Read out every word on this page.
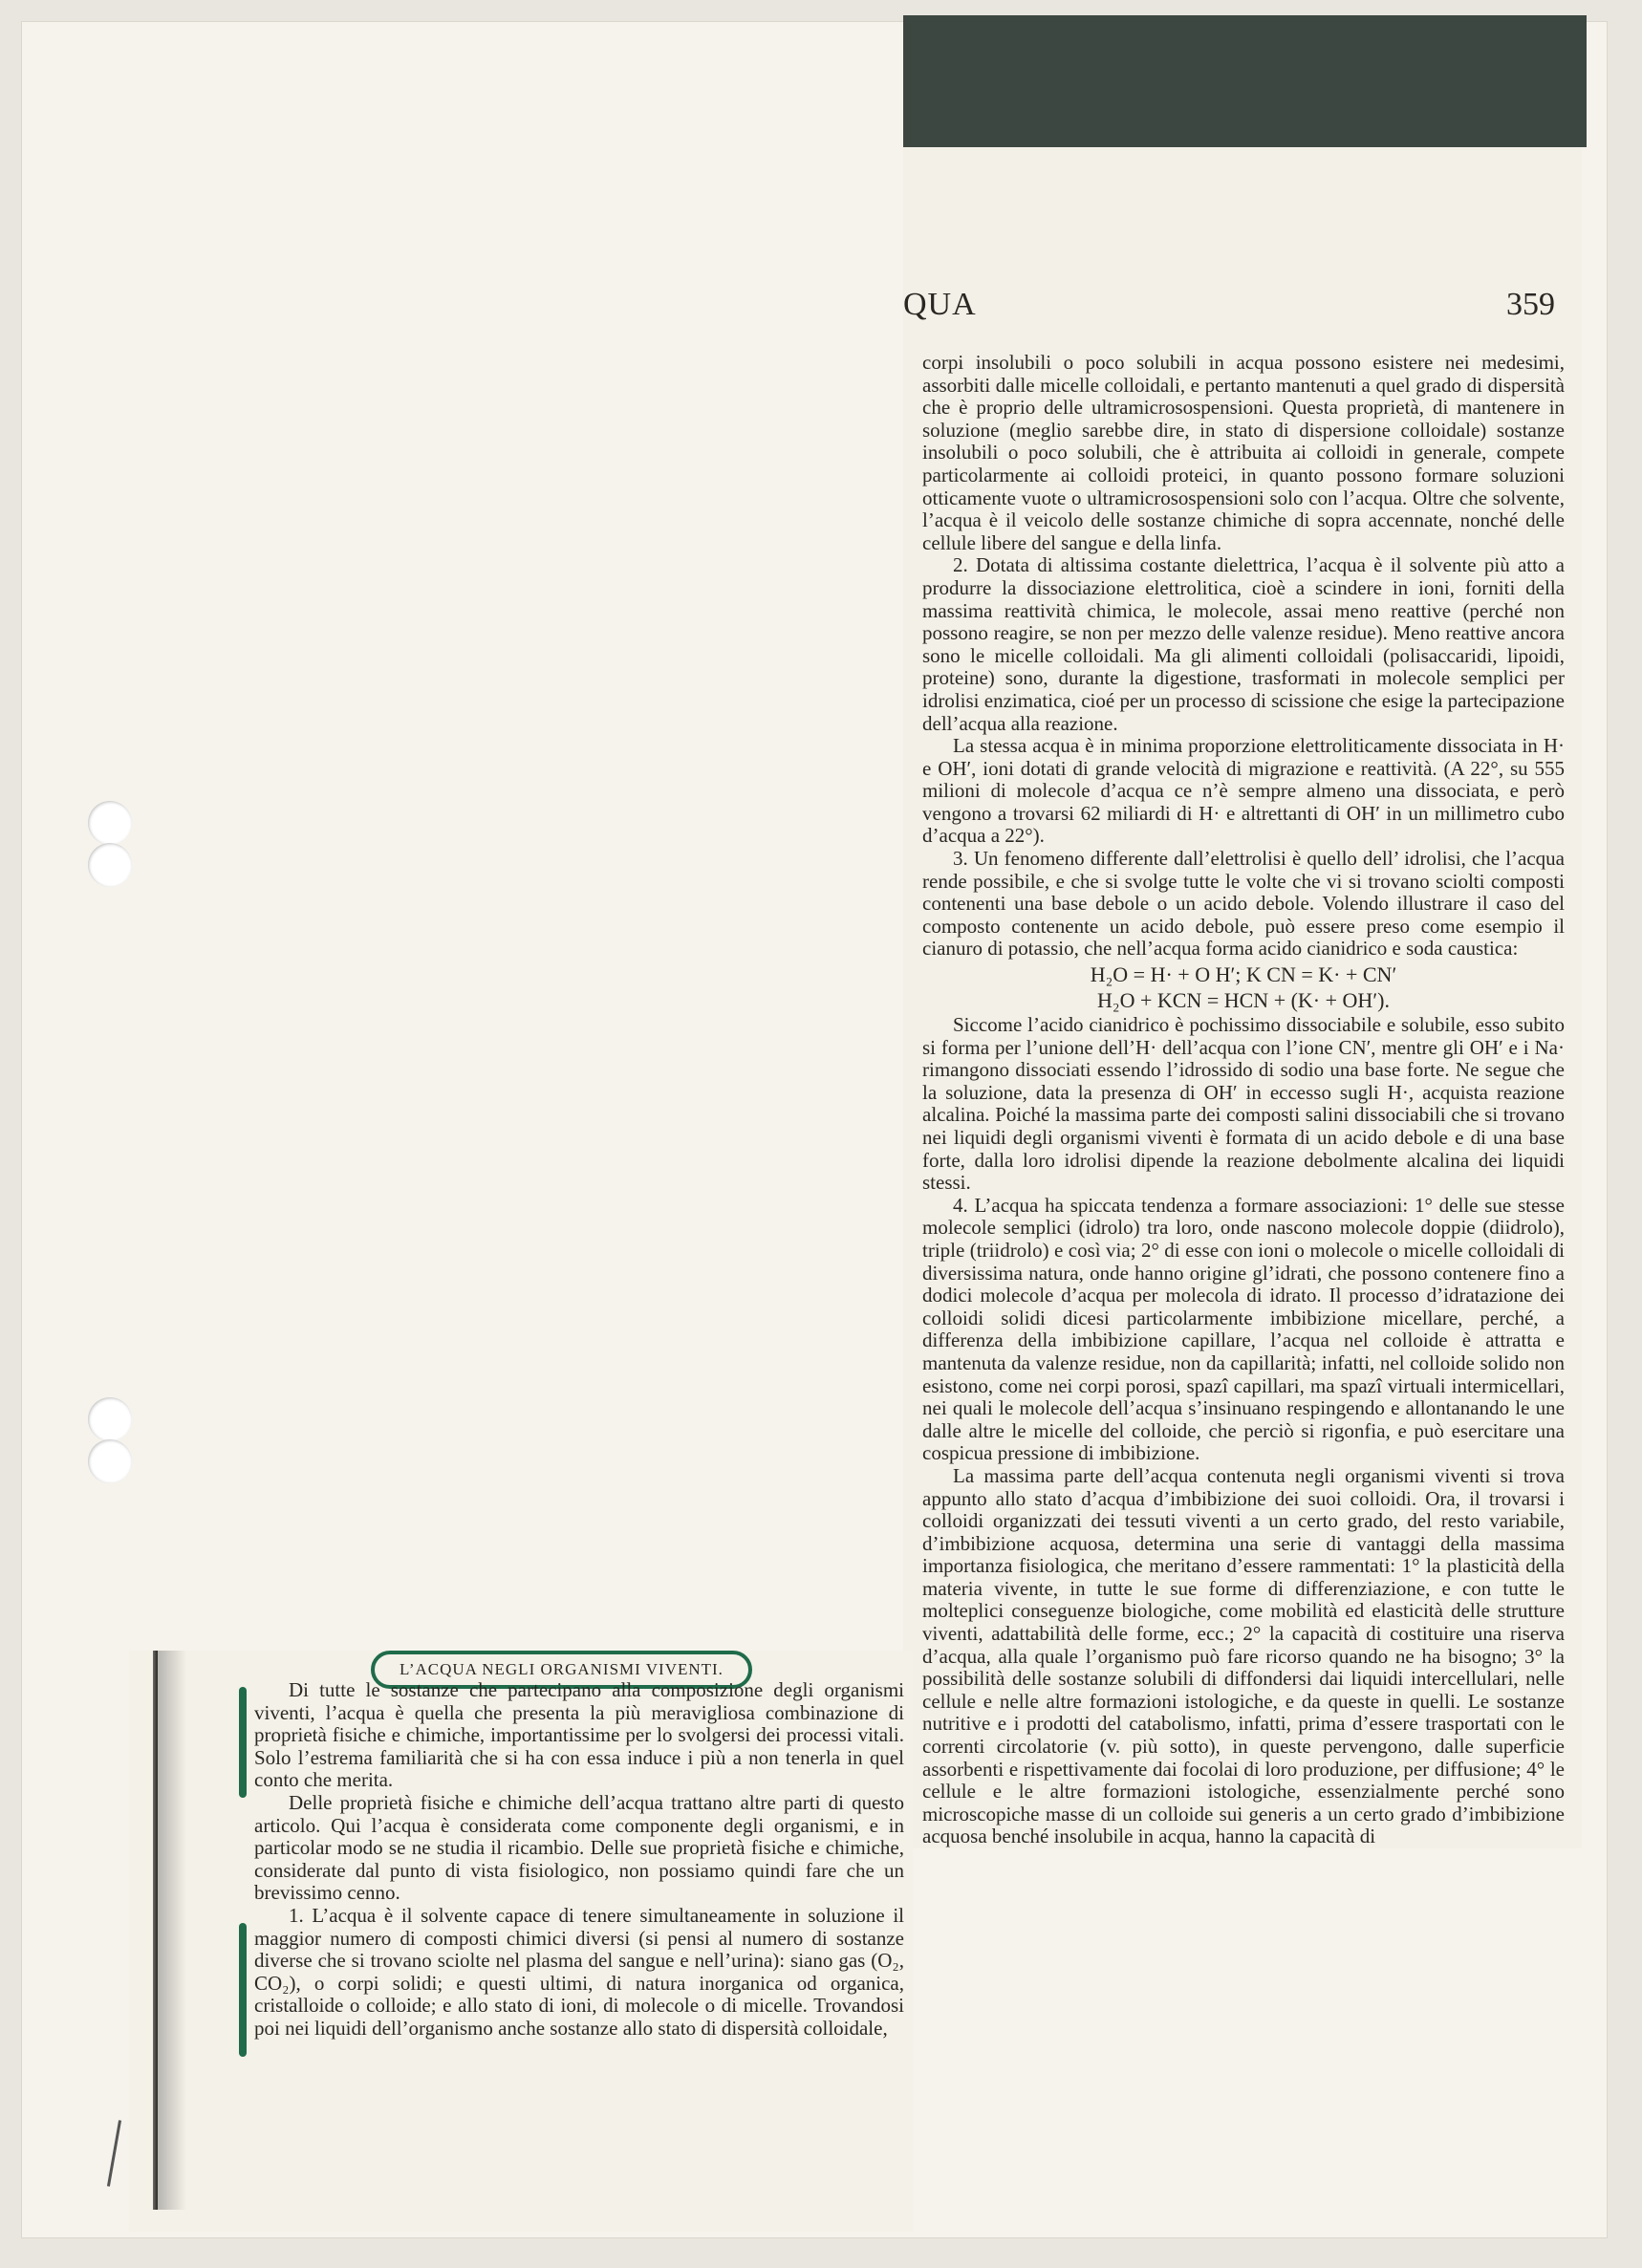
QUA	359

corpi insolubili o poco solubili in acqua possono esistere nei medesimi, assorbiti dalle micelle colloidali, e pertanto mantenuti a quel grado di dispersità che è proprio delle ultramicrosospensioni. Questa proprietà, di mantenere in soluzione (meglio sarebbe dire, in stato di dispersione colloidale) sostanze insolubili o poco solubili, che è attribuita ai colloidi in generale, compete particolarmente ai colloidi proteici, in quanto possono formare soluzioni otticamente vuote o ultramicrosospensioni solo con l’acqua. Oltre che solvente, l’acqua è il veicolo delle sostanze chimiche di sopra accennate, nonché delle cellule libere del sangue e della linfa.

2. Dotata di altissima costante dielettrica, l’acqua è il solvente più atto a produrre la dissociazione elettrolitica, cioè a scindere in ioni, forniti della massima reattività chimica, le molecole, assai meno reattive (perché non possono reagire, se non per mezzo delle valenze residue). Meno reattive ancora sono le micelle colloidali. Ma gli alimenti colloidali (polisaccaridi, lipoidi, proteine) sono, durante la digestione, trasformati in molecole semplici per idrolisi enzimatica, cioé per un processo di scissione che esige la partecipazione dell’acqua alla reazione.

La stessa acqua è in minima proporzione elettroliticamente dissociata in H· e OH′, ioni dotati di grande velocità di migrazione e reattività. (A 22°, su 555 milioni di molecole d’acqua ce n’è sempre almeno una dissociata, e però vengono a trovarsi 62 miliardi di H· e altrettanti di OH′ in un millimetro cubo d’acqua a 22°).

3. Un fenomeno differente dall’elettrolisi è quello dell’ idrolisi, che l’acqua rende possibile, e che si svolge tutte le volte che vi si trovano sciolti composti contenenti una base debole o un acido debole. Volendo illustrare il caso del composto contenente un acido debole, può essere preso come esempio il cianuro di potassio, che nell’acqua forma acido cianidrico e soda caustica:

H₂O = H· + O H′; K CN = K· + CN′

H₂O + KCN = HCN + (K· + OH′).

Siccome l’acido cianidrico è pochissimo dissociabile e solubile, esso subito si forma per l’unione dell’H· dell’acqua con l’ione CN′, mentre gli OH′ e i Na· rimangono dissociati essendo l’idrossido di sodio una base forte. Ne segue che la soluzione, data la presenza di OH′ in eccesso sugli H·, acquista reazione alcalina. Poiché la massima parte dei composti salini dissociabili che si trovano nei liquidi degli organismi viventi è formata di un acido debole e di una base forte, dalla loro idrolisi dipende la reazione debolmente alcalina dei liquidi stessi.

4. L’acqua ha spiccata tendenza a formare associazioni: 1° delle sue stesse molecole semplici (idrolo) tra loro, onde nascono molecole doppie (diidrolo), triple (triidrolo) e così via; 2° di esse con ioni o molecole o micelle colloidali di diversissima natura, onde hanno origine gl’idrati, che possono contenere fino a dodici molecole d’acqua per molecola di idrato. Il processo d’idratazione dei colloidi solidi dicesi particolarmente imbibizione micellare, perché, a differenza della imbibizione capillare, l’acqua nel colloide è attratta e mantenuta da valenze residue, non da capillarità; infatti, nel colloide solido non esistono, come nei corpi porosi, spazî capillari, ma spazî virtuali intermicellari, nei quali le molecole dell’acqua s’insinuano respingendo e allontanando le une dalle altre le micelle del colloide, che perciò si rigonfia, e può esercitare una cospicua pressione di imbibizione.

La massima parte dell’acqua contenuta negli organismi viventi si trova appunto allo stato d’acqua d’imbibizione dei suoi colloidi. Ora, il trovarsi i colloidi organizzati dei tessuti viventi a un certo grado, del resto variabile, d’imbibizione acquosa, determina una serie di vantaggi della massima importanza fisiologica, che meritano d’essere rammentati: 1° la plasticità della materia vivente, in tutte le sue forme di differenziazione, e con tutte le molteplici conseguenze biologiche, come mobilità ed elasticità delle strutture viventi, adattabilità delle forme, ecc.; 2° la capacità di costituire una riserva d’acqua, alla quale l’organismo può fare ricorso quando ne ha bisogno; 3° la possibilità delle sostanze solubili di diffondersi dai liquidi intercellulari, nelle cellule e nelle altre formazioni istologiche, e da queste in quelli. Le sostanze nutritive e i prodotti del catabolismo, infatti, prima d’essere trasportati con le correnti circolatorie (v. più sotto), in queste pervengono, dalle superficie assorbenti e rispettivamente dai focolai di loro produzione, per diffusione; 4° le cellule e le altre formazioni istologiche, essenzialmente perché sono microscopiche masse di un colloide sui generis a un certo grado d’imbibizione acquosa benché insolubile in acqua, hanno la capacità di

L’ACQUA NEGLI ORGANISMI VIVENTI.

Di tutte le sostanze che partecipano alla composizione degli organismi viventi, l’acqua è quella che presenta la più meravigliosa combinazione di proprietà fisiche e chimiche, importantissime per lo svolgersi dei processi vitali. Solo l’estrema familiarità che si ha con essa induce i più a non tenerla in quel conto che merita.

Delle proprietà fisiche e chimiche dell’acqua trattano altre parti di questo articolo. Qui l’acqua è considerata come componente degli organismi, e in particolar modo se ne studia il ricambio. Delle sue proprietà fisiche e chimiche, considerate dal punto di vista fisiologico, non possiamo quindi fare che un brevissimo cenno.

1. L’acqua è il solvente capace di tenere simultaneamente in soluzione il maggior numero di composti chimici diversi (si pensi al numero di sostanze diverse che si trovano sciolte nel plasma del sangue e nell’urina): siano gas (O₂, CO₂), o corpi solidi; e questi ultimi, di natura inorganica od organica, cristalloide o colloide; e allo stato di ioni, di molecole o di micelle. Trovandosi poi nei liquidi dell’organismo anche sostanze allo stato di dispersità colloidale,
